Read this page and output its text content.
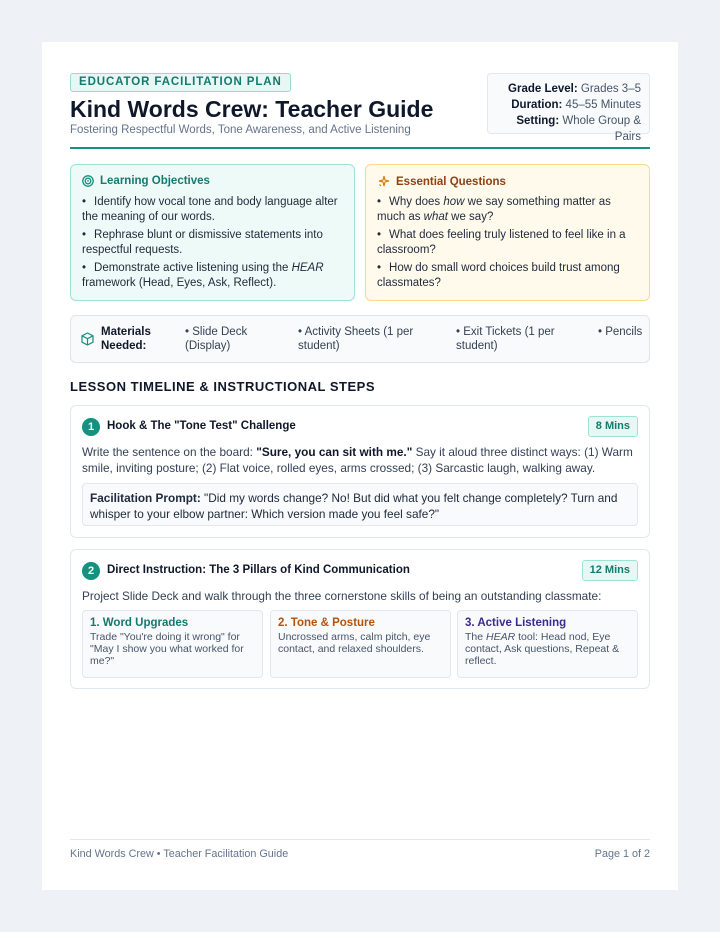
EDUCATOR FACILITATION PLAN
Kind Words Crew: Teacher Guide
Fostering Respectful Words, Tone Awareness, and Active Listening
Grade Level: Grades 3–5
Duration: 45–55 Minutes
Setting: Whole Group & Pairs
Learning Objectives
• Identify how vocal tone and body language alter the meaning of our words.
• Rephrase blunt or dismissive statements into respectful requests.
• Demonstrate active listening using the HEAR framework (Head, Eyes, Ask, Reflect).
Essential Questions
• Why does how we say something matter as much as what we say?
• What does feeling truly listened to feel like in a classroom?
• How do small word choices build trust among classmates?
Materials Needed:
• Slide Deck (Display)
• Activity Sheets (1 per student)
• Exit Tickets (1 per student)
• Pencils
LESSON TIMELINE & INSTRUCTIONAL STEPS
1	Hook & The "Tone Test" Challenge	8 Mins
Write the sentence on the board: "Sure, you can sit with me." Say it aloud three distinct ways: (1) Warm smile, inviting posture; (2) Flat voice, rolled eyes, arms crossed; (3) Sarcastic laugh, walking away.
Facilitation Prompt: "Did my words change? No! But did what you felt change completely? Turn and whisper to your elbow partner: Which version made you feel safe?"
2	Direct Instruction: The 3 Pillars of Kind Communication	12 Mins
Project Slide Deck and walk through the three cornerstone skills of being an outstanding classmate:
1. Word Upgrades
Trade "You're doing it wrong" for "May I show you what worked for me?"
2. Tone & Posture
Uncrossed arms, calm pitch, eye contact, and relaxed shoulders.
3. Active Listening
The HEAR tool: Head nod, Eye contact, Ask questions, Repeat & reflect.
Kind Words Crew • Teacher Facilitation Guide	Page 1 of 2
